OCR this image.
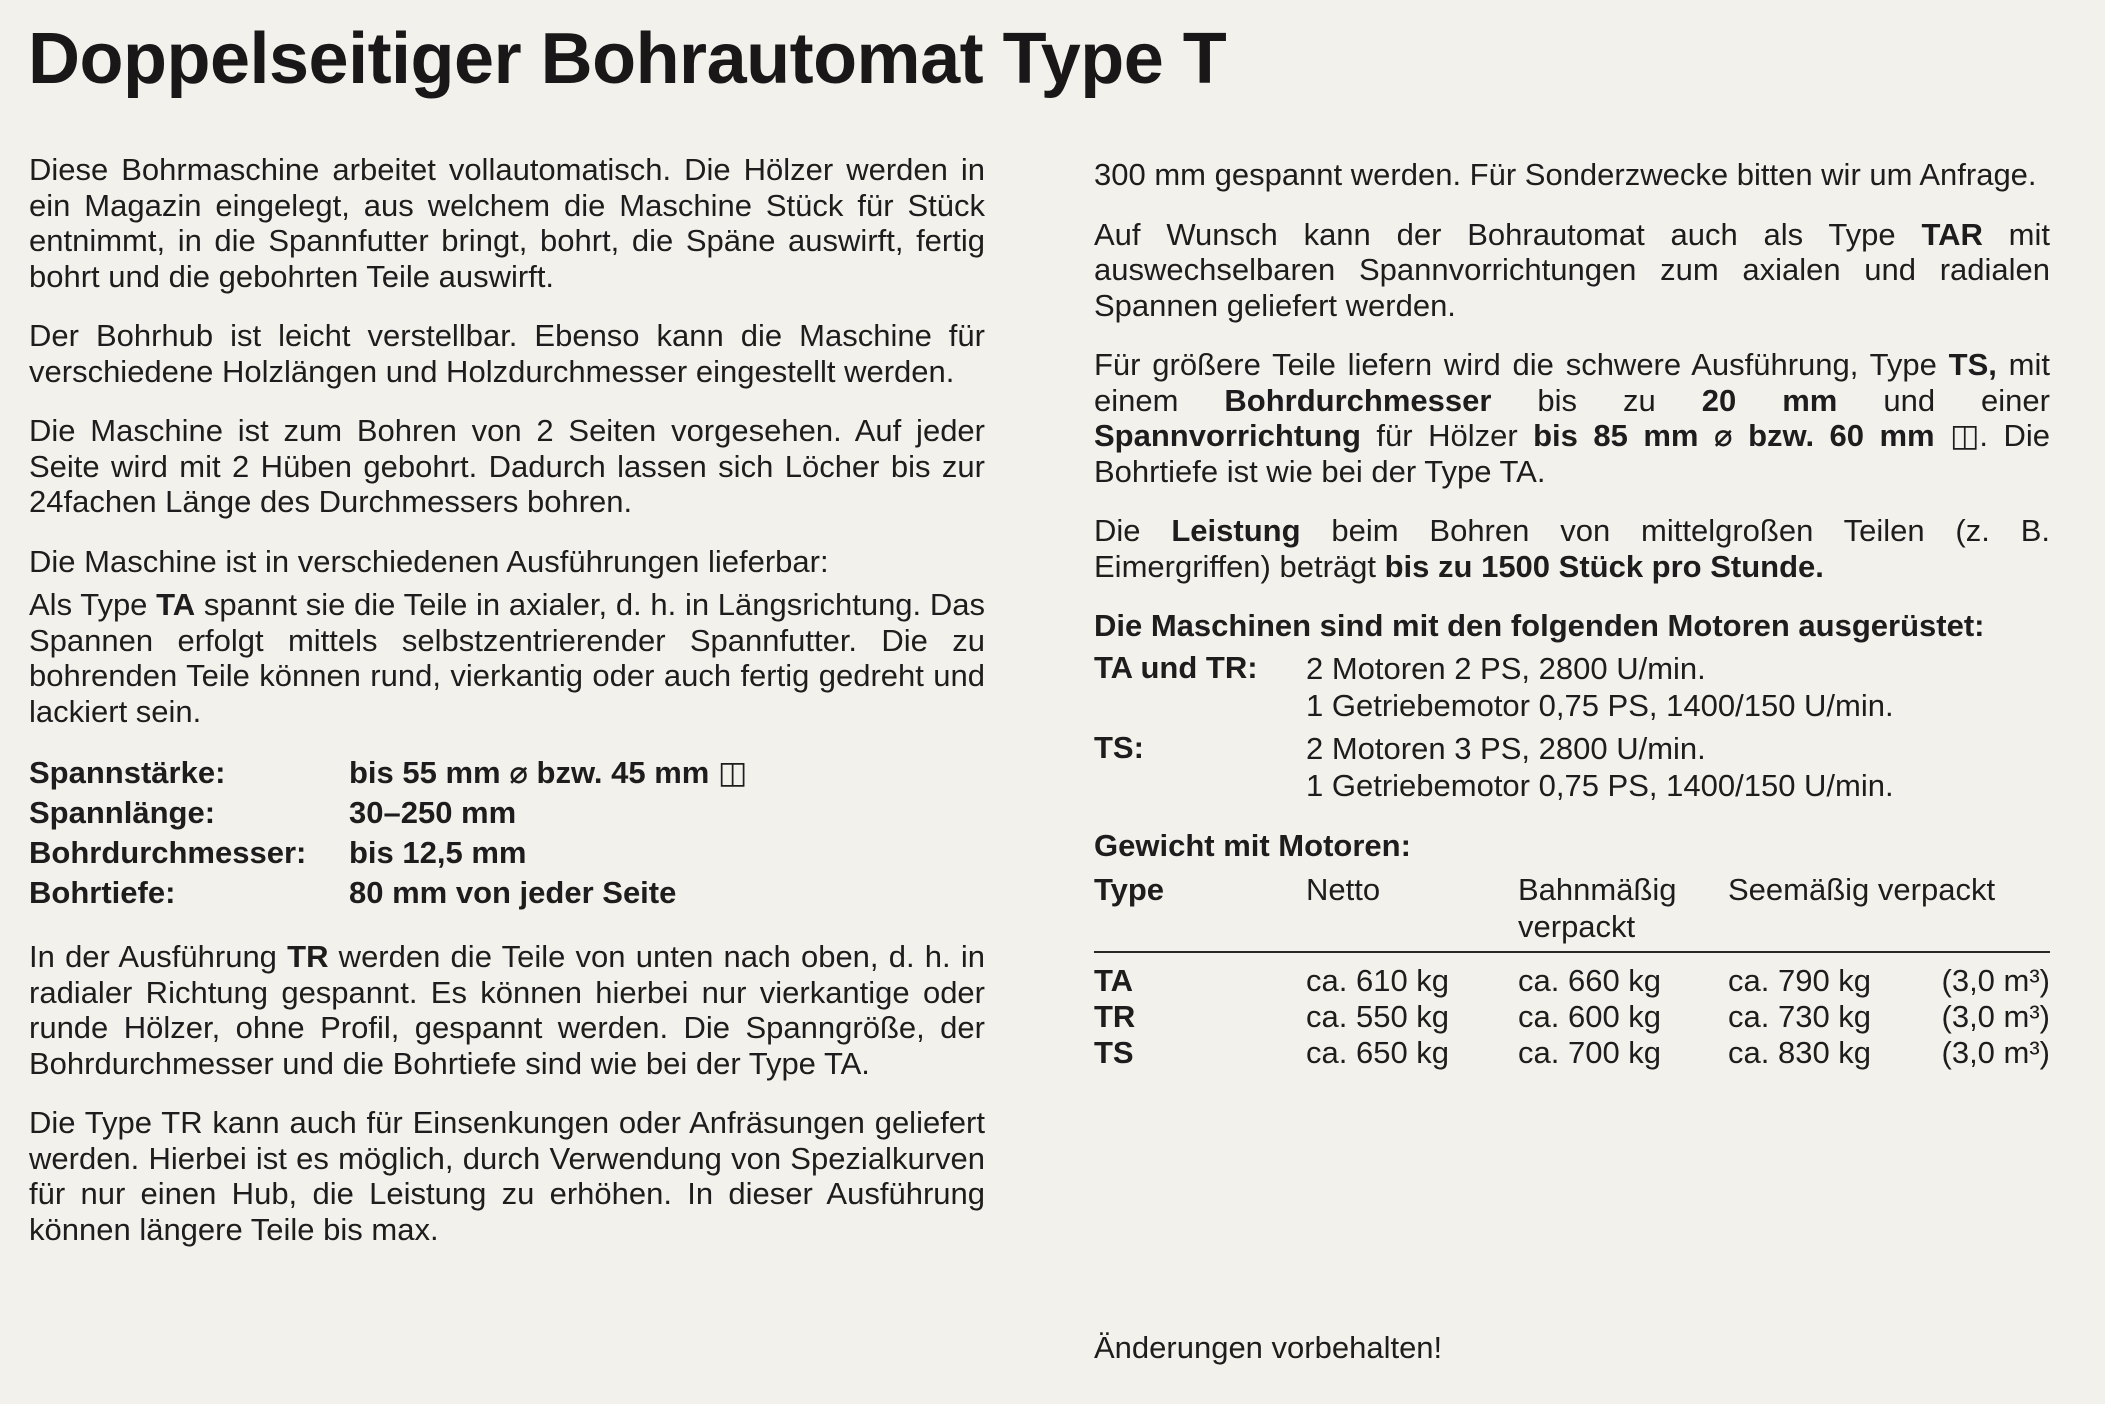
Doppelseitiger Bohrautomat Type T

Diese Bohrmaschine arbeitet vollautomatisch. Die Hölzer werden in ein Magazin eingelegt, aus welchem die Maschine Stück für Stück entnimmt, in die Spannfutter bringt, bohrt, die Späne auswirft, fertig bohrt und die gebohrten Teile auswirft.

Der Bohrhub ist leicht verstellbar. Ebenso kann die Maschine für verschiedene Holzlängen und Holzdurchmesser eingestellt werden.

Die Maschine ist zum Bohren von 2 Seiten vorgesehen. Auf jeder Seite wird mit 2 Hüben gebohrt. Dadurch lassen sich Löcher bis zur 24fachen Länge des Durchmessers bohren.

Die Maschine ist in verschiedenen Ausführungen lieferbar:

Als Type TA spannt sie die Teile in axialer, d. h. in Längsrichtung. Das Spannen erfolgt mittels selbstzentrierender Spannfutter. Die zu bohrenden Teile können rund, vierkantig oder auch fertig gedreht und lackiert sein.

Spannstärke:	bis 55 mm ⌀ bzw. 45 mm ◫
Spannlänge:	30–250 mm
Bohrdurchmesser:	bis 12,5 mm
Bohrtiefe:	80 mm von jeder Seite

In der Ausführung TR werden die Teile von unten nach oben, d. h. in radialer Richtung gespannt. Es können hierbei nur vierkantige oder runde Hölzer, ohne Profil, gespannt werden. Die Spanngröße, der Bohrdurchmesser und die Bohrtiefe sind wie bei der Type TA.

Die Type TR kann auch für Einsenkungen oder Anfräsungen geliefert werden. Hierbei ist es möglich, durch Verwendung von Spezialkurven für nur einen Hub, die Leistung zu erhöhen. In dieser Ausführung können längere Teile bis max.

300 mm gespannt werden. Für Sonderzwecke bitten wir um Anfrage.

Auf Wunsch kann der Bohrautomat auch als Type TAR mit auswechselbaren Spannvorrichtungen zum axialen und radialen Spannen geliefert werden.

Für größere Teile liefern wird die schwere Ausführung, Type TS, mit einem Bohrdurchmesser bis zu 20 mm und einer Spannvorrichtung für Hölzer bis 85 mm ⌀ bzw. 60 mm ◫. Die Bohrtiefe ist wie bei der Type TA.

Die Leistung beim Bohren von mittelgroßen Teilen (z. B. Eimergriffen) beträgt bis zu 1500 Stück pro Stunde.

Die Maschinen sind mit den folgenden Motoren ausgerüstet:
TA und TR:	2 Motoren 2 PS, 2800 U/min.
1 Getriebemotor 0,75 PS, 1400/150 U/min.
TS:	2 Motoren 3 PS, 2800 U/min.
1 Getriebemotor 0,75 PS, 1400/150 U/min.
Gewicht mit Motoren:
Type	Netto	Bahnmäßig verpackt	Seemäßig verpackt	
TA	ca. 610 kg	ca. 660 kg	ca. 790 kg	(3,0 m³)
TR	ca. 550 kg	ca. 600 kg	ca. 730 kg	(3,0 m³)
TS	ca. 650 kg	ca. 700 kg	ca. 830 kg	(3,0 m³)
Änderungen vorbehalten!
